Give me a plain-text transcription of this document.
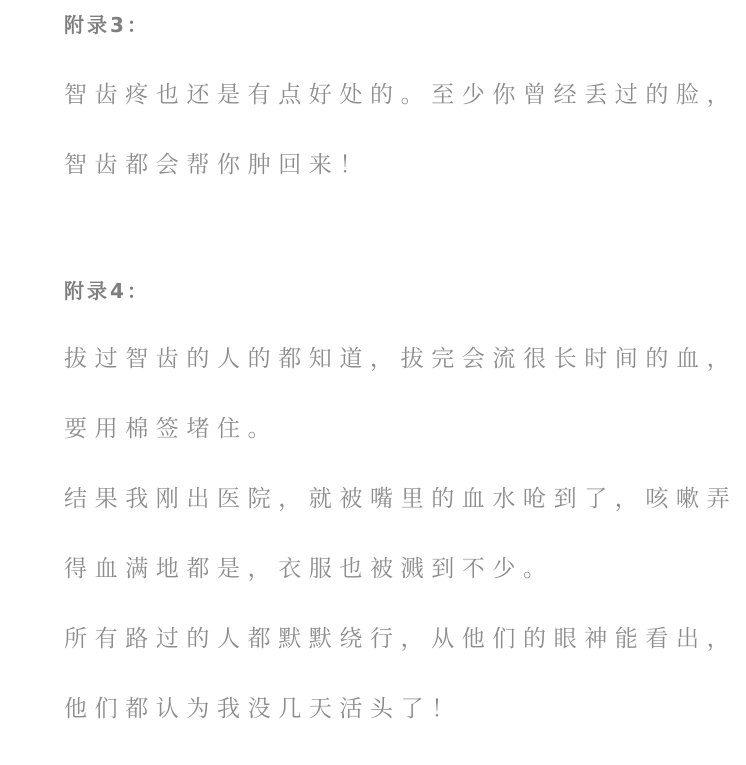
附录3：

智齿疼也还是有点好处的。至少你曾经丢过的脸，

智齿都会帮你肿回来！

附录4：

拔过智齿的人的都知道，拔完会流很长时间的血，

要用棉签堵住。

结果我刚出医院，就被嘴里的血水呛到了，咳嗽弄

得血满地都是，衣服也被溅到不少。

所有路过的人都默默绕行，从他们的眼神能看出，

他们都认为我没几天活头了！
